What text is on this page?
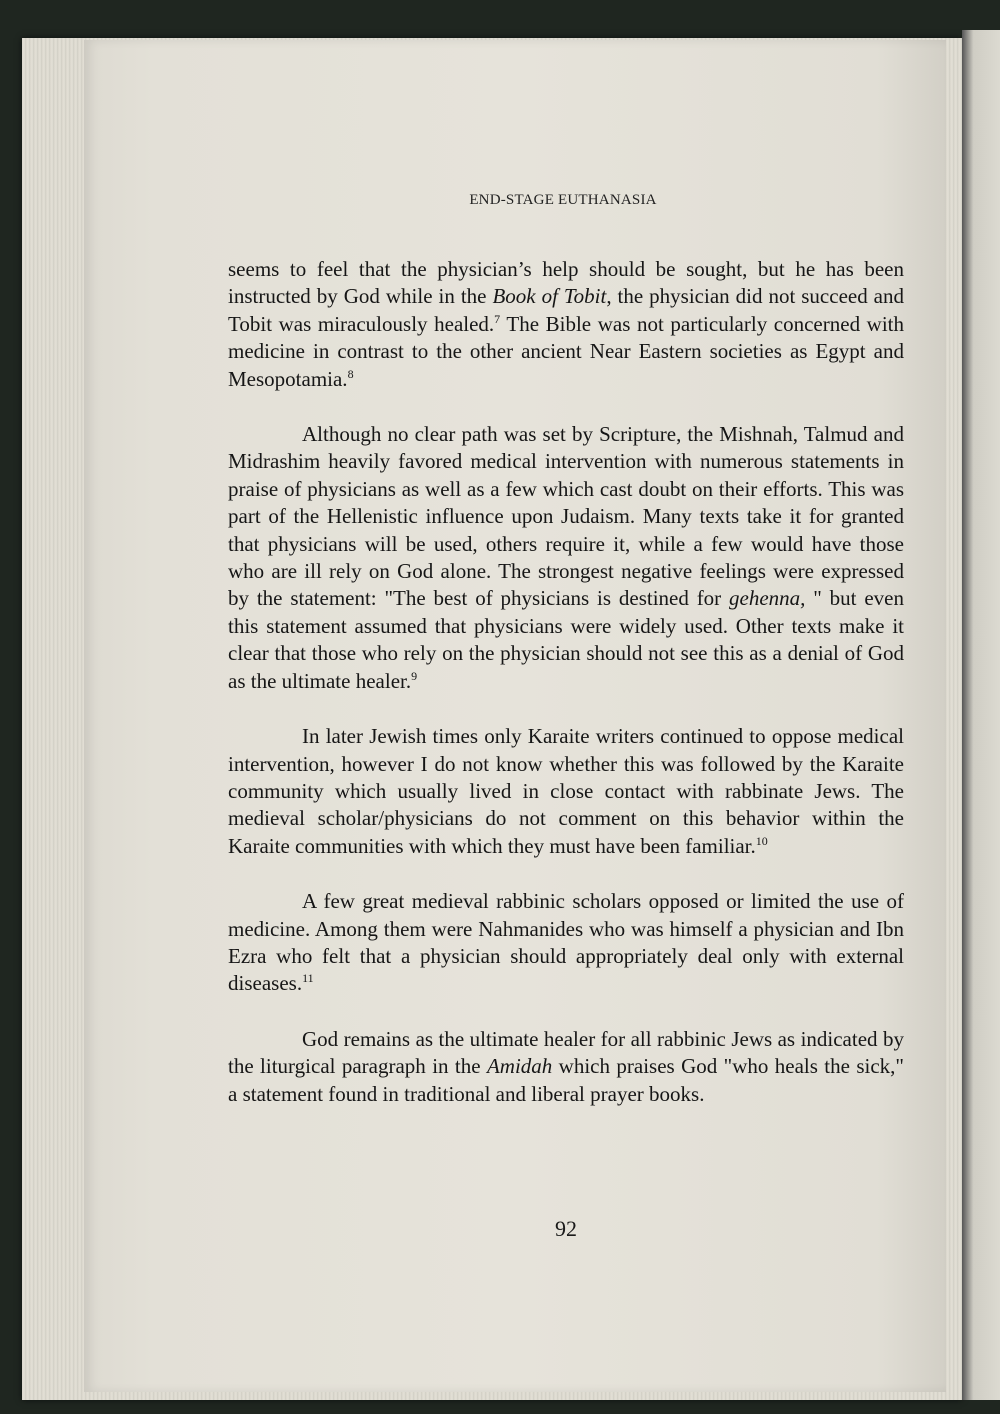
END-STAGE EUTHANASIA

seems to feel that the physician’s help should be sought, but he has been instructed by God while in the Book of Tobit, the physician did not succeed and Tobit was miraculously healed.$^7$ The Bible was not particularly concerned with medicine in contrast to the other ancient Near Eastern societies as Egypt and Mesopotamia.$^8$

Although no clear path was set by Scripture, the Mishnah, Talmud and Midrashim heavily favored medical intervention with numerous statements in praise of physicians as well as a few which cast doubt on their efforts. This was part of the Hellenistic influence upon Judaism. Many texts take it for granted that physicians will be used, others require it, while a few would have those who are ill rely on God alone. The strongest negative feelings were expressed by the statement: "The best of physicians is destined for gehenna, " but even this statement assumed that physicians were widely used. Other texts make it clear that those who rely on the physician should not see this as a denial of God as the ultimate healer.$^9$

In later Jewish times only Karaite writers continued to oppose medical intervention, however I do not know whether this was followed by the Karaite community which usually lived in close contact with rabbinate Jews. The medieval scholar/physicians do not comment on this behavior within the Karaite communities with which they must have been familiar.$^{10}$

A few great medieval rabbinic scholars opposed or limited the use of medicine. Among them were Nahmanides who was himself a physician and Ibn Ezra who felt that a physician should appropriately deal only with external diseases.$^{11}$

God remains as the ultimate healer for all rabbinic Jews as indicated by the liturgical paragraph in the Amidah which praises God "who heals the sick," a statement found in traditional and liberal prayer books.

92
